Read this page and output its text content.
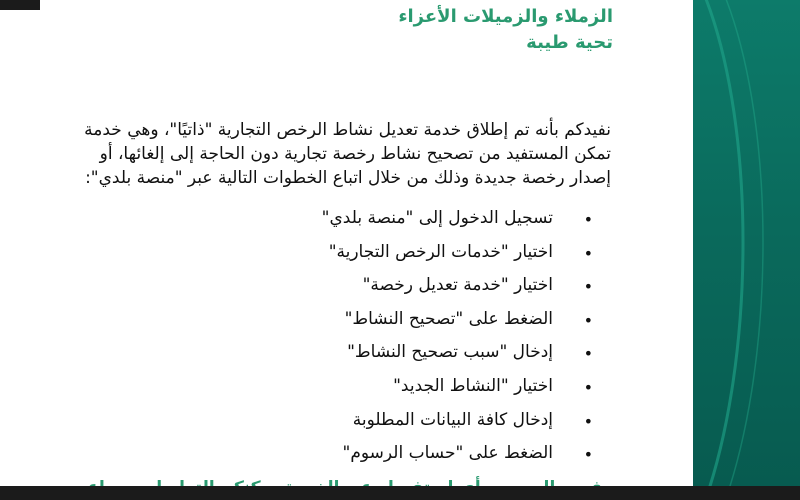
الزملاء والزميلات الأعزاء
تحية طيبة

نفيدكم بأنه تم إطلاق خدمة تعديل نشاط الرخص التجارية "ذاتيًا"، وهي خدمة

تمكن المستفيد من تصحيح نشاط رخصة تجارية دون الحاجة إلى إلغائها، أو

إصدار رخصة جديدة وذلك من خلال اتباع الخطوات التالية عبر "منصة بلدي":

•
تسجيل الدخول إلى "منصة بلدي"
•
اختيار "خدمات الرخص التجارية"
•
اختيار "خدمة تعديل رخصة"
•
الضغط على "تصحيح النشاط"
•
إدخال "سبب تصحيح النشاط"
•
اختيار "النشاط الجديد"
•
إدخال كافة البيانات المطلوبة
•
الضغط على "حساب الرسوم"
